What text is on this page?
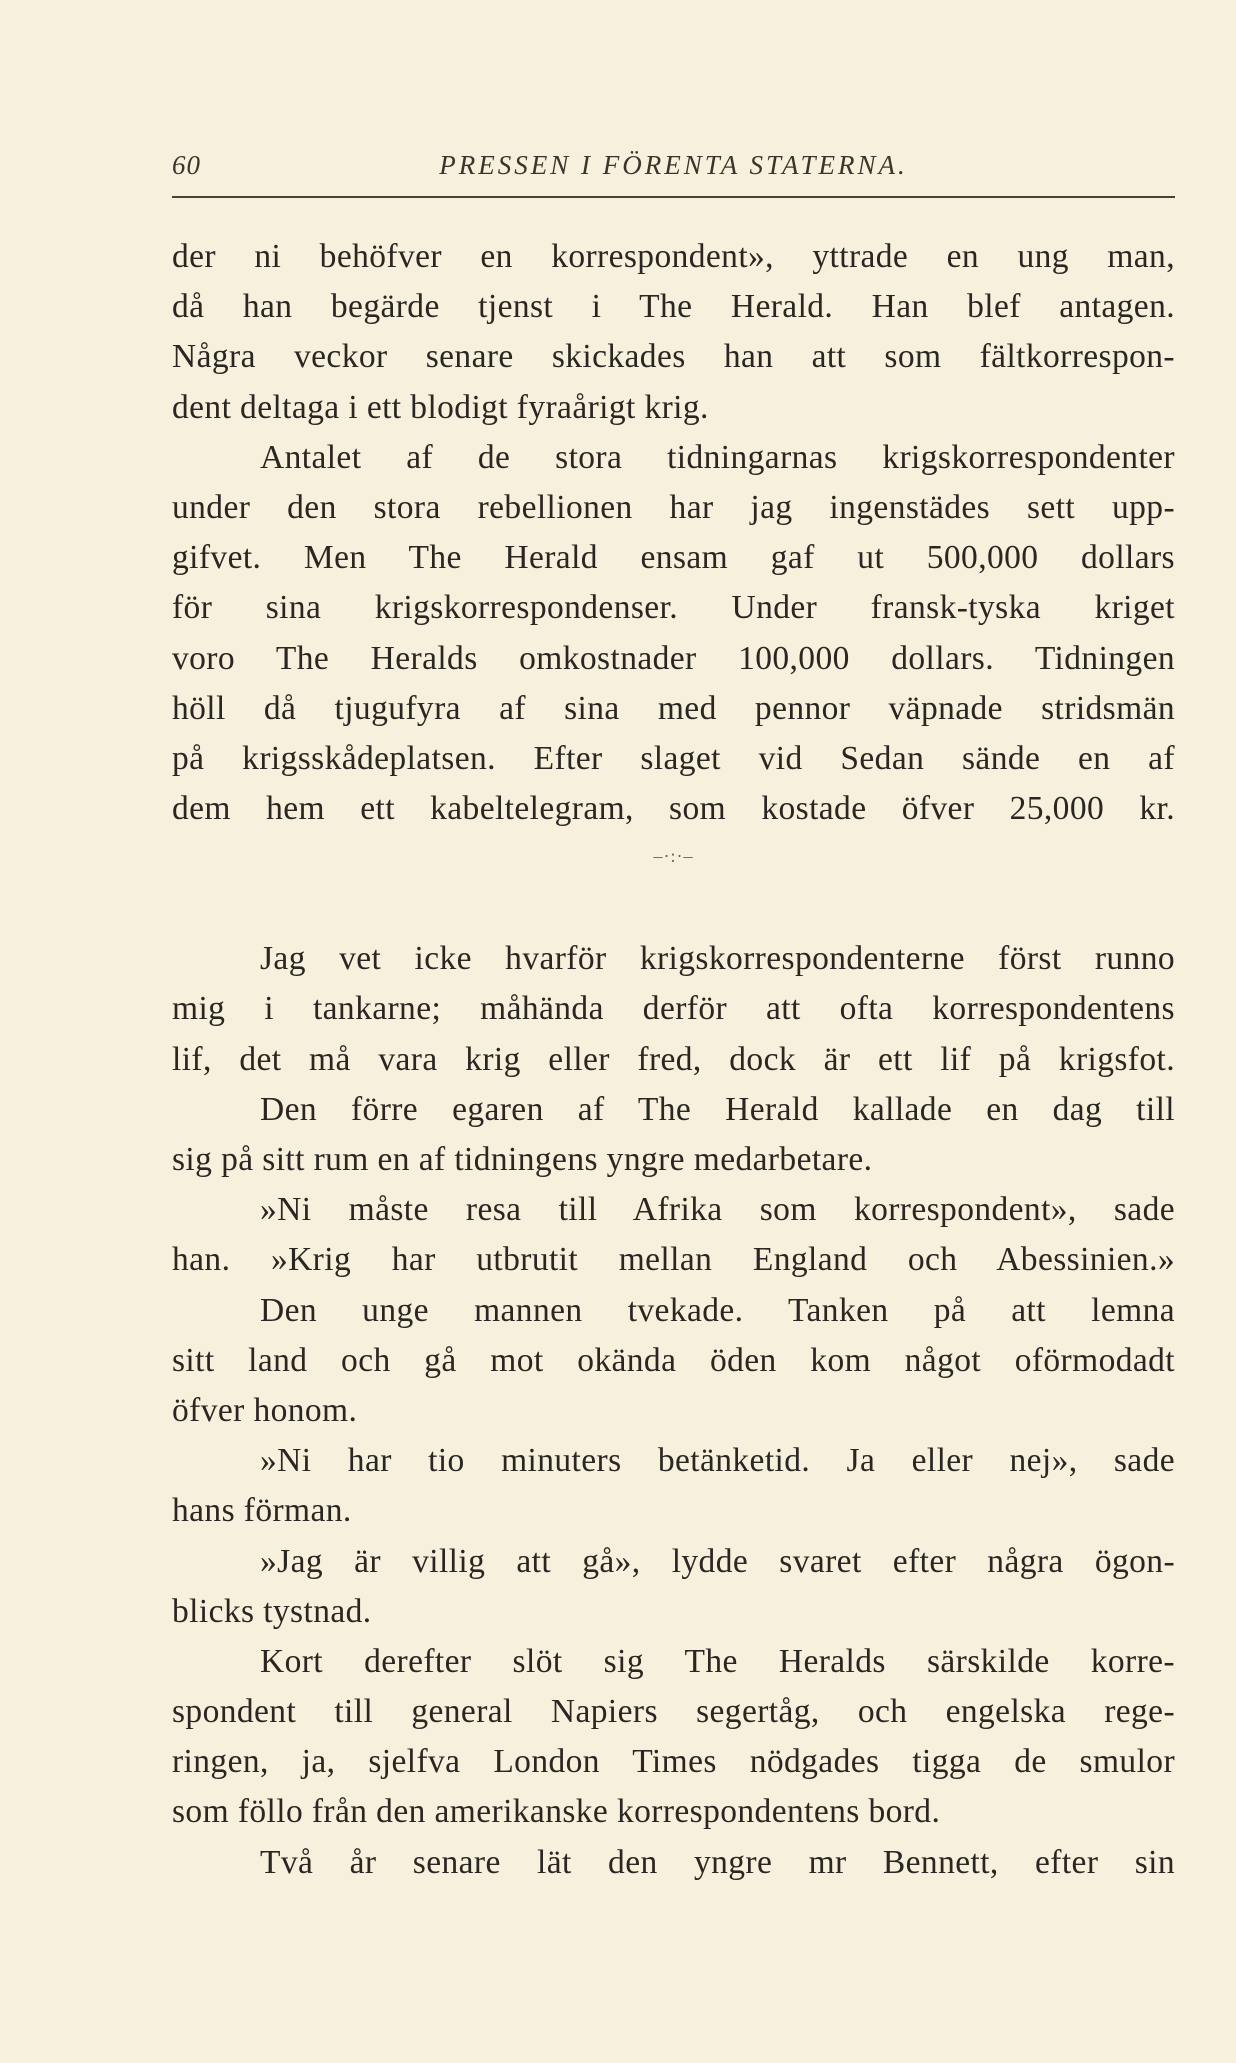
60	PRESSEN I FÖRENTA STATERNA.
der ni behöfver en korrespondent», yttrade en ung man,
då han begärde tjenst i The Herald. Han blef antagen.
Några veckor senare skickades han att som fältkorrespon-
dent deltaga i ett blodigt fyraårigt krig.
Antalet af de stora tidningarnas krigskorrespondenter
under den stora rebellionen har jag ingenstädes sett upp-
gifvet. Men The Herald ensam gaf ut 500,000 dollars
för sina krigskorrespondenser. Under fransk-tyska kriget
voro The Heralds omkostnader 100,000 dollars. Tidningen
höll då tjugufyra af sina med pennor väpnade stridsmän
på krigsskådeplatsen. Efter slaget vid Sedan sände en af
dem hem ett kabeltelegram, som kostade öfver 25,000 kr.
–·:·–
Jag vet icke hvarför krigskorrespondenterne först runno
mig i tankarne; måhända derför att ofta korrespondentens
lif, det må vara krig eller fred, dock är ett lif på krigsfot.
Den förre egaren af The Herald kallade en dag till
sig på sitt rum en af tidningens yngre medarbetare.
»Ni måste resa till Afrika som korrespondent», sade
han. »Krig har utbrutit mellan England och Abessinien.»
Den unge mannen tvekade. Tanken på att lemna
sitt land och gå mot okända öden kom något oförmodadt
öfver honom.
»Ni har tio minuters betänketid. Ja eller nej», sade
hans förman.
»Jag är villig att gå», lydde svaret efter några ögon-
blicks tystnad.
Kort derefter slöt sig The Heralds särskilde korre-
spondent till general Napiers segertåg, och engelska rege-
ringen, ja, sjelfva London Times nödgades tigga de smulor
som föllo från den amerikanske korrespondentens bord.
Två år senare lät den yngre mr Bennett, efter sin
